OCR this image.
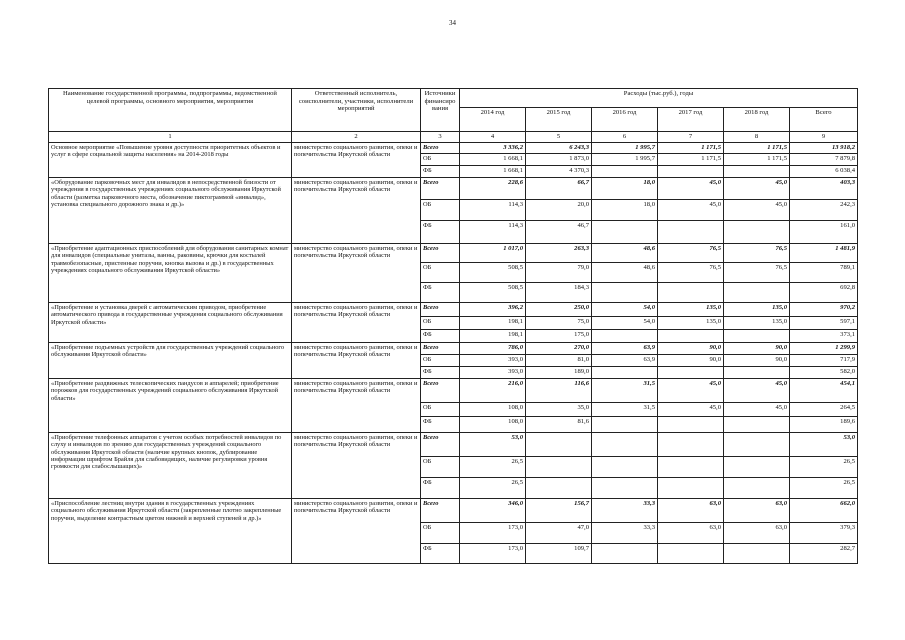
34
Наименование государственной программы, подпрограммы, ведомственной целевой программы, основного мероприятия, мероприятия	Ответственный исполнитель, соисполнители, участники, исполнители мероприятий	Источники финансиро вания	Расходы (тыс.руб.), годы					
			2014 год	2015 год	2016 год	2017 год	2018 год	Всего
1	2	3	4	5	6	7	8	9
Основное мероприятие «Повышение уровня доступности приоритетных объектов и услуг в сфере социальной защиты населения» на 2014-2018 годы	министерство социального развития, опеки и попечительства Иркутской области	Всего	3 336,2	6 243,3	1 995,7	1 171,5	1 171,5	13 918,2
		ОБ	1 668,1	1 873,0	1 995,7	1 171,5	1 171,5	7 879,8
		ФБ	1 668,1	4 370,3				6 038,4
«Оборудование парковочных мест для инвалидов в непосредственной близости от учреждения в государственных учреждениях социального обслуживания Иркутской области (разметка парковочного места, обозначение пиктограммой «инвалид», установка специального дорожного знака и др.)»	министерство социального развития, опеки и попечительства Иркутской области	Всего	228,6	66,7	18,0	45,0	45,0	403,3
		ОБ	114,3	20,0	18,0	45,0	45,0	242,3
		ФБ	114,3	46,7				161,0
«Приобретение адаптационных приспособлений для оборудования санитарных комнат для инвалидов (специальные унитазы, ванны, раковины, крючки для костылей травмобезопасные, пристенные поручни, кнопка вызова и др.) в государственных учреждениях социального обслуживания Иркутской области»	министерство социального развития, опеки и попечительства Иркутской области	Всего	1 017,0	263,3	48,6	76,5	76,5	1 481,9
		ОБ	508,5	79,0	48,6	76,5	76,5	789,1
		ФБ	508,5	184,3				692,8
«Приобретение и установка дверей с автоматическим приводом, приобретение автоматического привода в государственные учреждения социального обслуживания Иркутской области»	министерство социального развития, опеки и попечительства Иркутской области	Всего	396,2	250,0	54,0	135,0	135,0	970,2
		ОБ	198,1	75,0	54,0	135,0	135,0	597,1
		ФБ	198,1	175,0				373,1
«Приобретение подъемных устройств для государственных учреждений социального обслуживания Иркутской области»	министерство социального развития, опеки и попечительства Иркутской области	Всего	786,0	270,0	63,9	90,0	90,0	1 299,9
		ОБ	393,0	81,0	63,9	90,0	90,0	717,9
		ФБ	393,0	189,0				582,0
«Приобретение раздвижных телескопических пандусов и аппарелей; приобретение порожков для государственных учреждений социального обслуживания Иркутской области»	министерство социального развития, опеки и попечительства Иркутской области	Всего	216,0	116,6	31,5	45,0	45,0	454,1
		ОБ	108,0	35,0	31,5	45,0	45,0	264,5
		ФБ	108,0	81,6				189,6
«Приобретение телефонных аппаратов с учетом особых потребностей инвалидов по слуху и инвалидов по зрению для государственных учреждений социального обслуживания Иркутской области (наличие крупных кнопок, дублирование информации шрифтом Брайля для слабовидящих, наличие регулировки уровня громкости для слабослышащих)»	министерство социального развития, опеки и попечительства Иркутской области	Всего	53,0					53,0
		ОБ	26,5					26,5
		ФБ	26,5					26,5
«Приспособление лестниц внутри здания в государственных учреждениях социального обслуживания Иркутской области (закрепленные плотно закрепленные поручни, выделение контрастным цветом нижней и верхней ступеней и др.)»	министерство социального развития, опеки и попечительства Иркутской области	Всего	346,0	156,7	33,3	63,0	63,0	662,0
		ОБ	173,0	47,0	33,3	63,0	63,0	379,3
		ФБ	173,0	109,7				282,7
